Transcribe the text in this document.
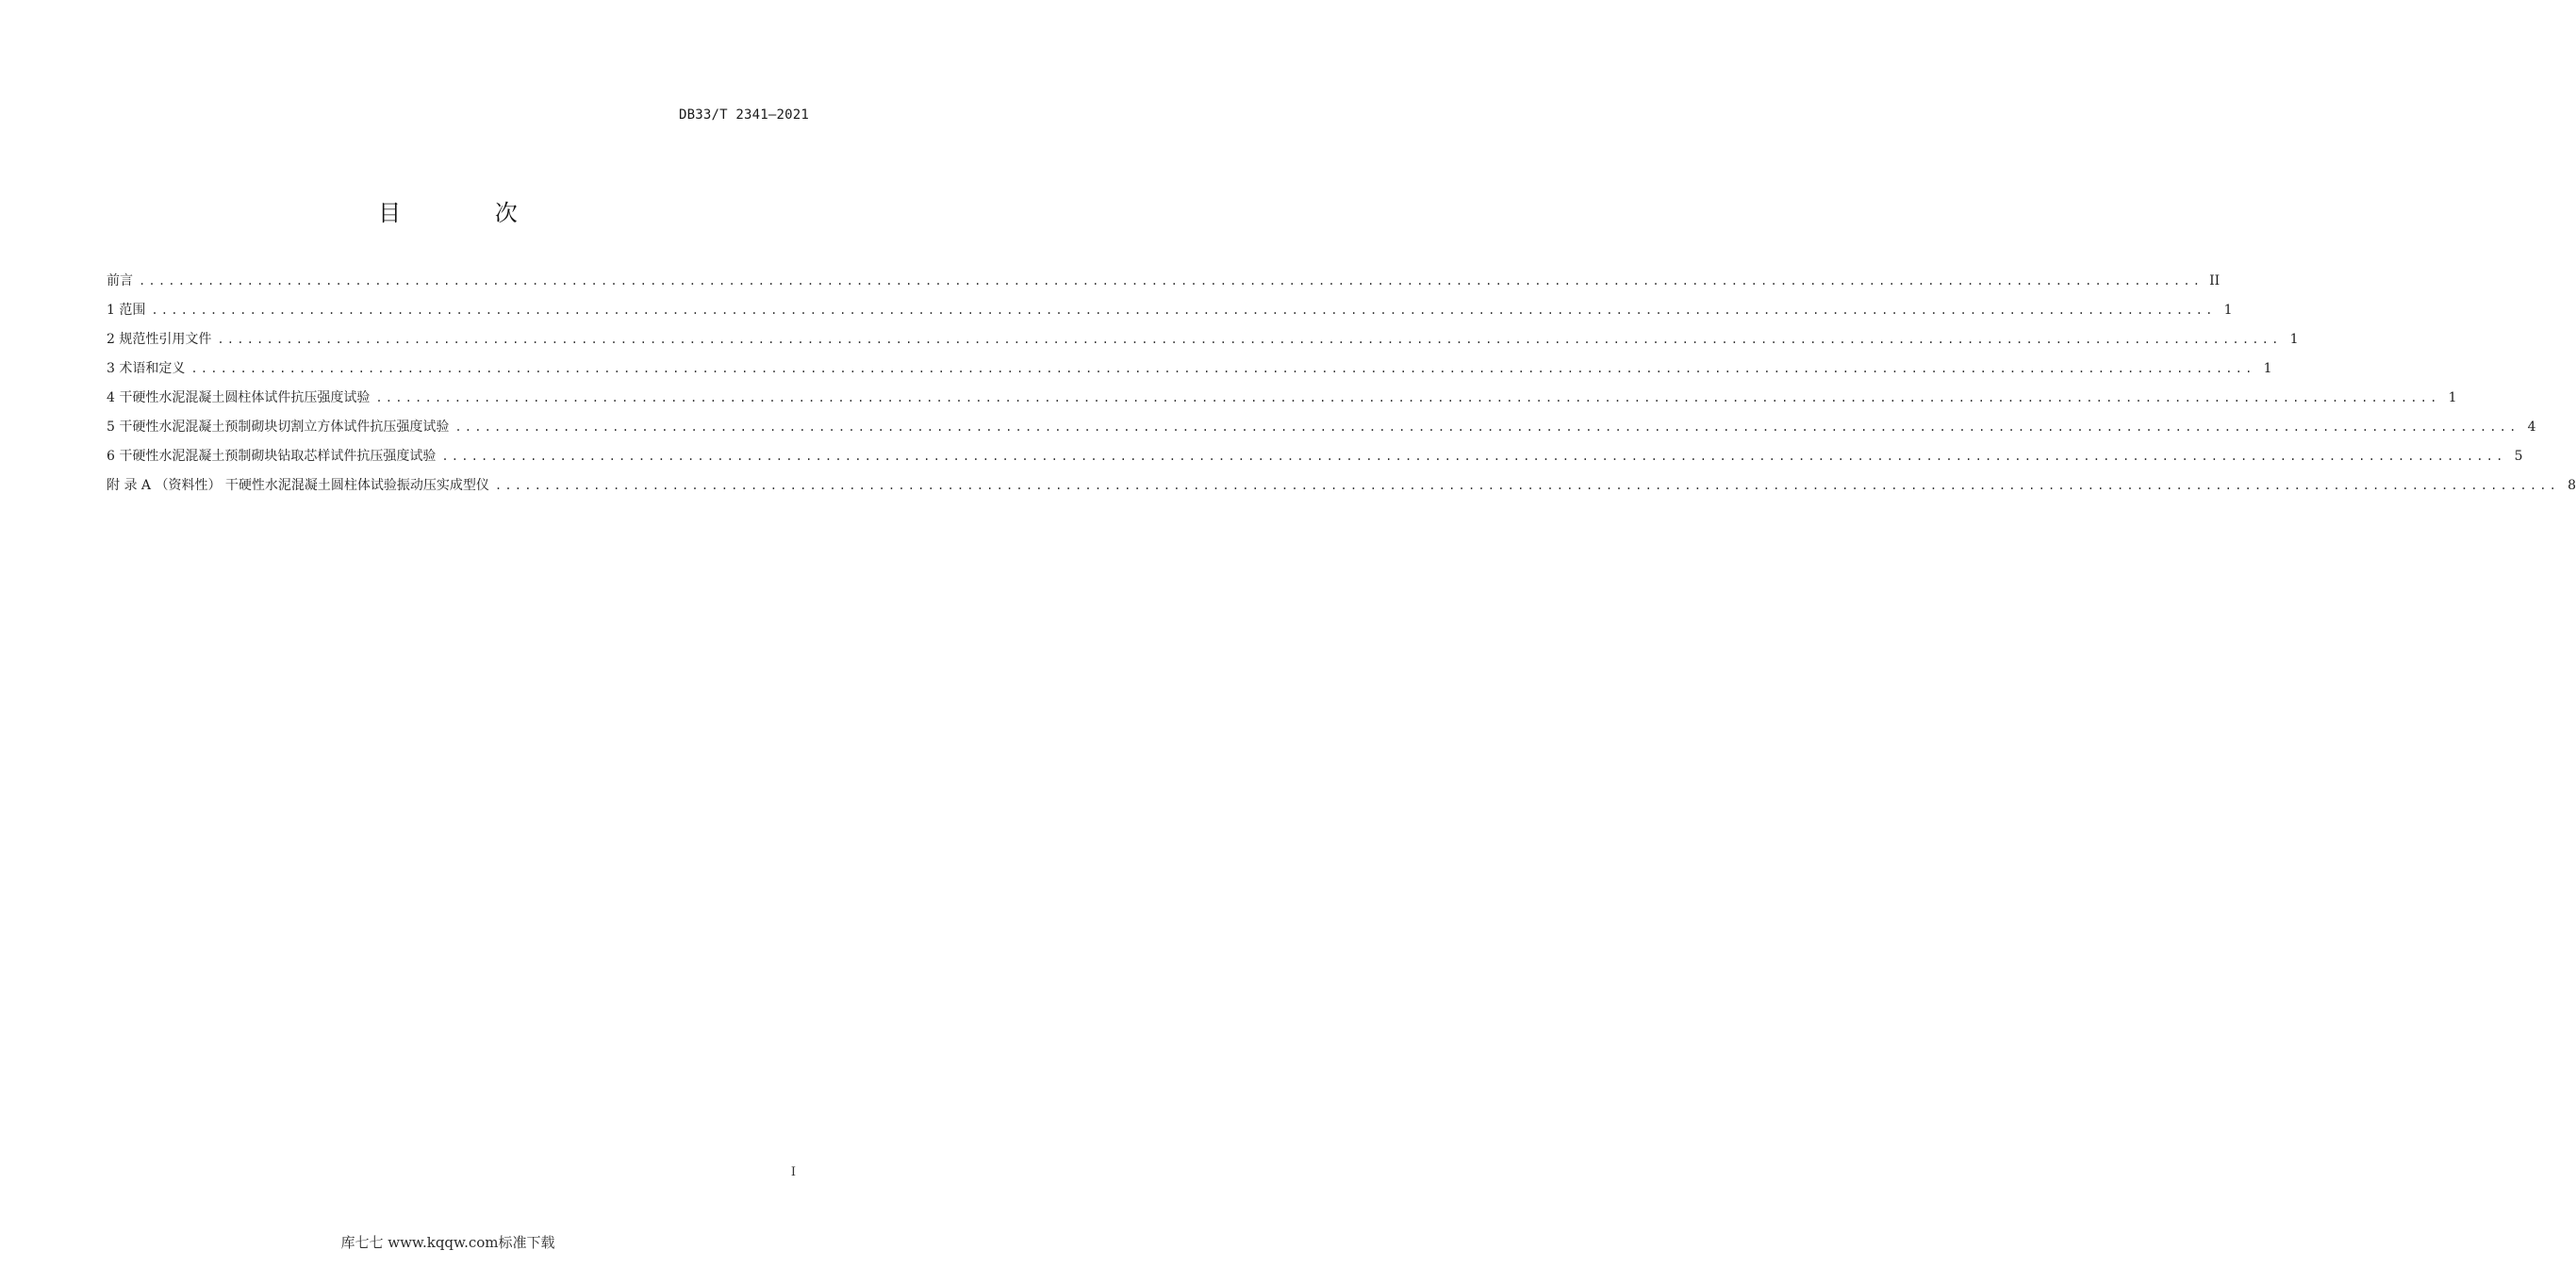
DB33/T 2341—2021
目 次
前言 .................................................................................................................................................................................................................. II
1 范围 .................................................................................................................................................................................................................. 1
2 规范性引用文件 .................................................................................................................................................................................................................. 1
3 术语和定义 .................................................................................................................................................................................................................. 1
4 干硬性水泥混凝土圆柱体试件抗压强度试验 .................................................................................................................................................................................................................. 1
5 干硬性水泥混凝土预制砌块切割立方体试件抗压强度试验 .................................................................................................................................................................................................................. 4
6 干硬性水泥混凝土预制砌块钻取芯样试件抗压强度试验 .................................................................................................................................................................................................................. 5
附 录 A （资料性） 干硬性水泥混凝土圆柱体试验振动压实成型仪 .................................................................................................................................................................................................................. 8
I
库七七 www.kqqw.com标准下载
